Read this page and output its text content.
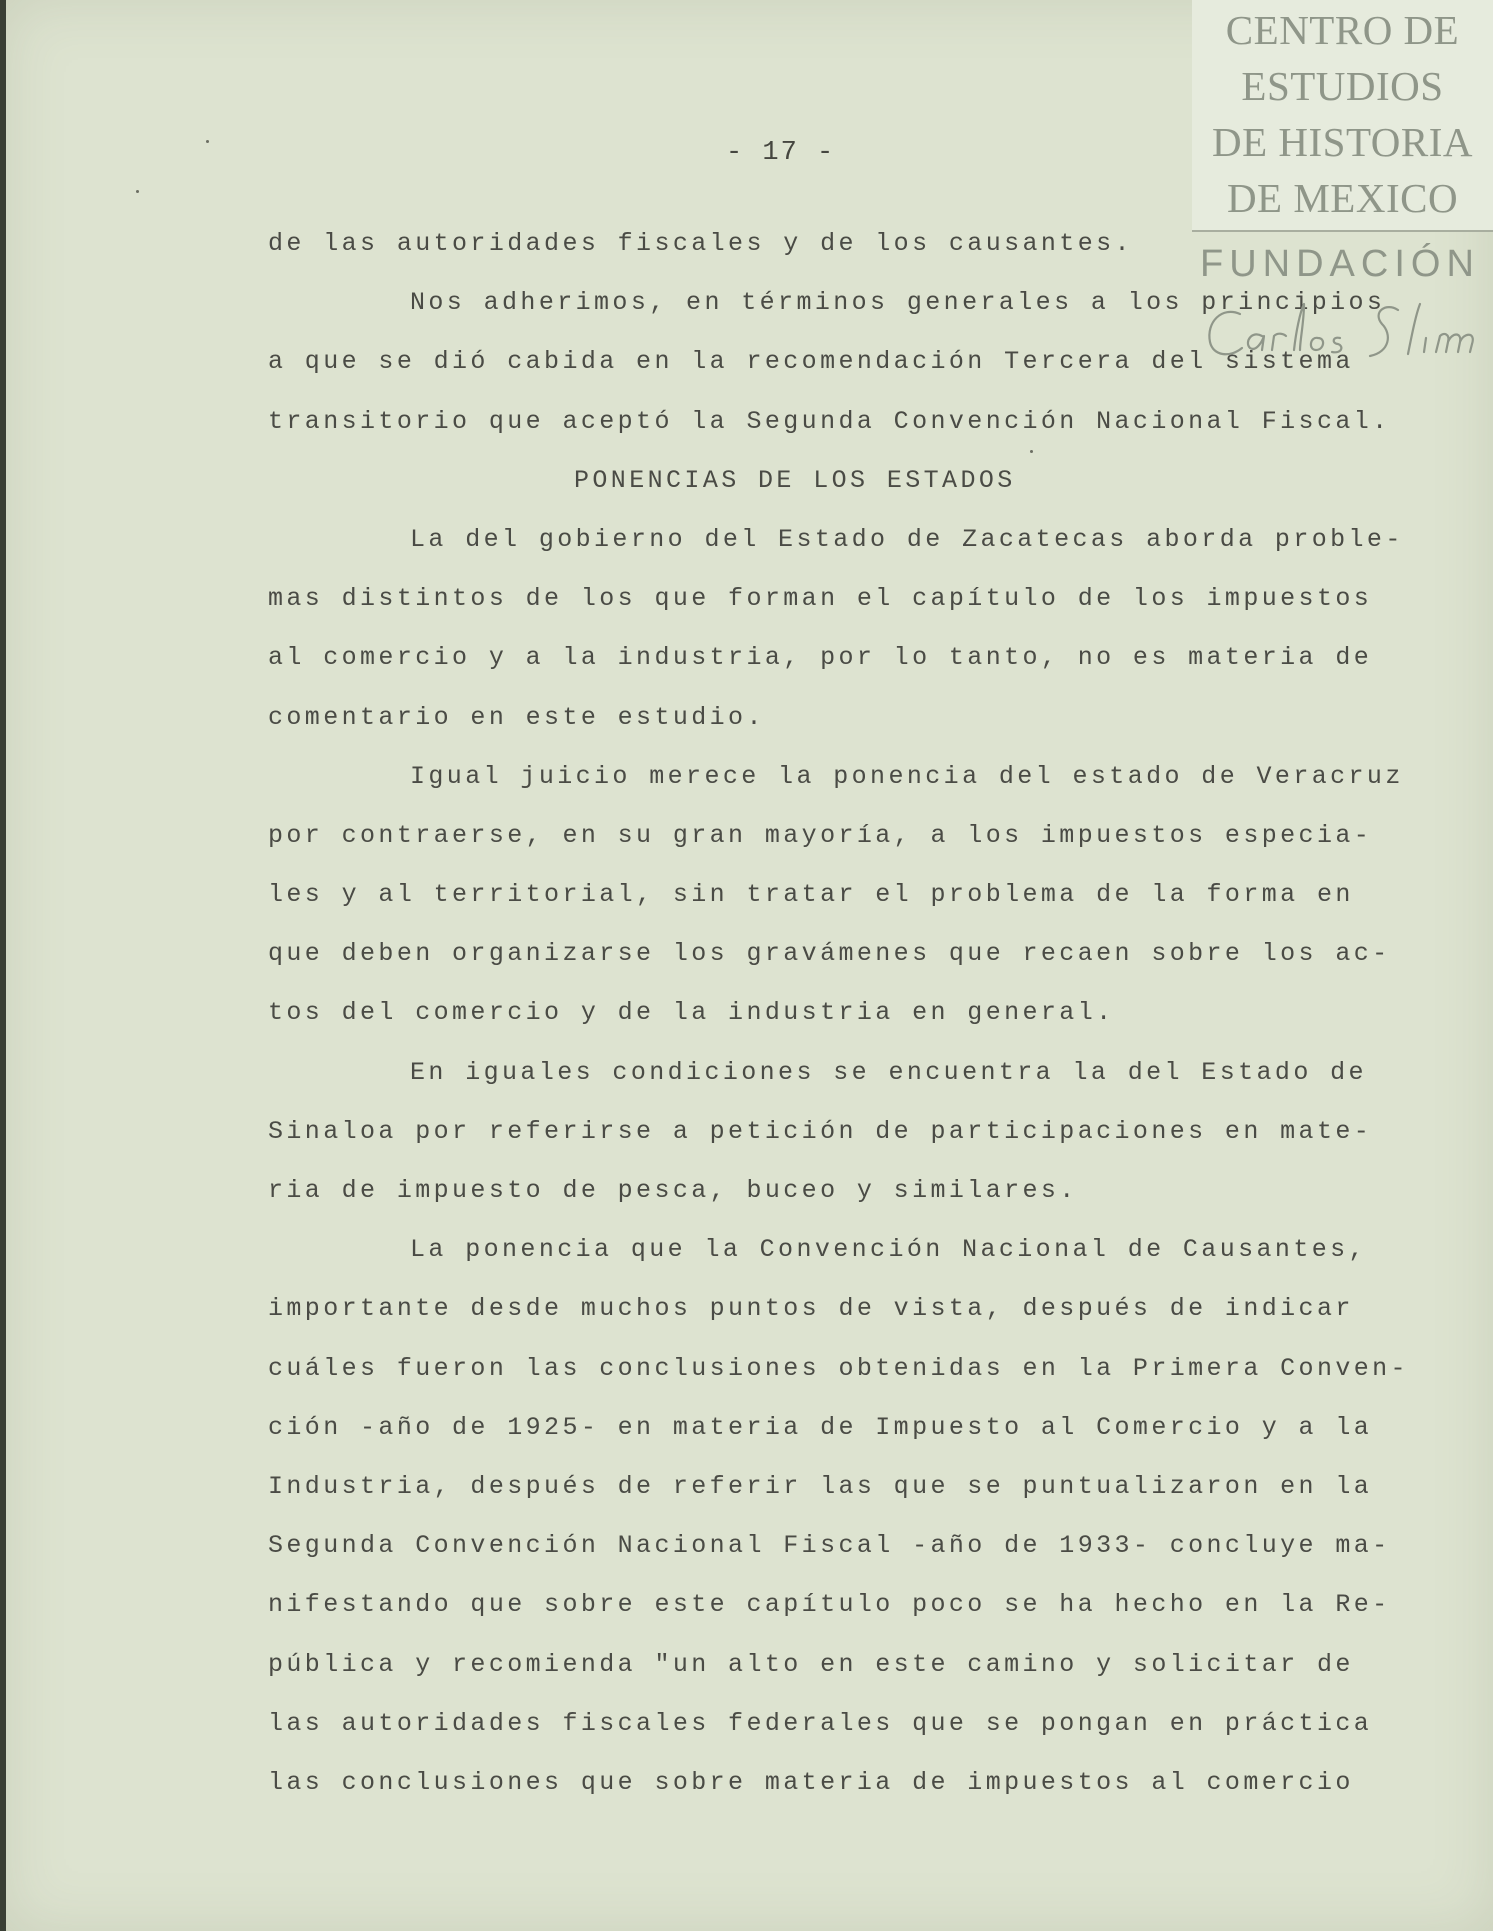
- 17 -
de las autoridades fiscales y de los causantes.
Nos adherimos, en términos generales a los principios
a que se dió cabida en la recomendación Tercera del sistema
transitorio que aceptó la Segunda Convención Nacional Fiscal.
PONENCIAS DE LOS ESTADOS
La del gobierno del Estado de Zacatecas aborda proble-
mas distintos de los que forman el capítulo de los impuestos
al comercio y a la industria, por lo tanto, no es materia de
comentario en este estudio.
Igual juicio merece la ponencia del estado de Veracruz
por contraerse, en su gran mayoría, a los impuestos especia-
les y al territorial, sin tratar el problema de la forma en
que deben organizarse los gravámenes que recaen sobre los ac-
tos del comercio y de la industria en general.
En iguales condiciones se encuentra la del Estado de
Sinaloa por referirse a petición de participaciones en mate-
ria de impuesto de pesca, buceo y similares.
La ponencia que la Convención Nacional de Causantes,
importante desde muchos puntos de vista, después de indicar
cuáles fueron las conclusiones obtenidas en la Primera Conven-
ción -año de 1925- en materia de Impuesto al Comercio y a la
Industria, después de referir las que se puntualizaron en la
Segunda Convención Nacional Fiscal -año de 1933- concluye ma-
nifestando que sobre este capítulo poco se ha hecho en la Re-
pública y recomienda "un alto en este camino y solicitar de
las autoridades fiscales federales que se pongan en práctica
las conclusiones que sobre materia de impuestos al comercio
CENTRO DE
ESTUDIOS
DE HISTORIA
DE MEXICO
FUNDACIÓN
